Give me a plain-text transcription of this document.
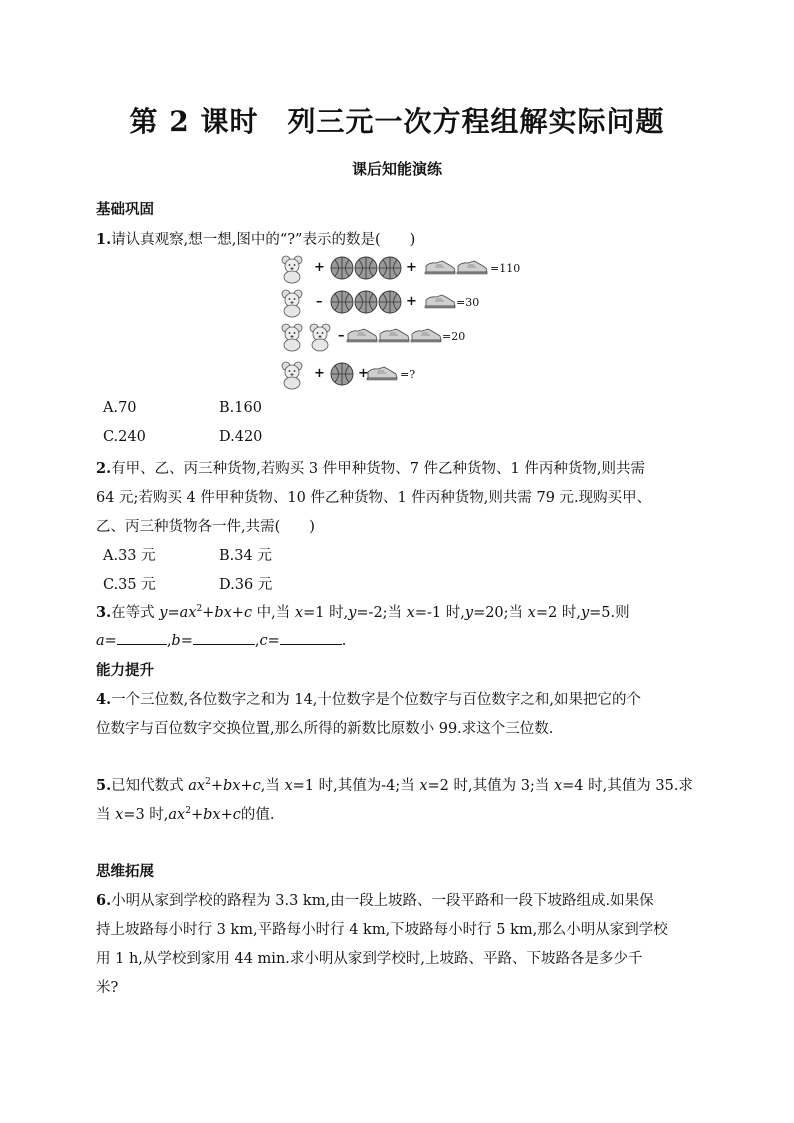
第 2 课时　列三元一次方程组解实际问题
课后知能演练
基础巩固
1.请认真观察,想一想,图中的“?”表示的数是(　　)
+	+	=110
–	+	=30
–	=20
+	+	=?
A.70	B.160
C.240	D.420
2.有甲、乙、丙三种货物,若购买 3 件甲种货物、7 件乙种货物、1 件丙种货物,则共需
64 元;若购买 4 件甲种货物、10 件乙种货物、1 件丙种货物,则共需 79 元.现购买甲、
乙、丙三种货物各一件,共需(　　)
A.33 元	B.34 元
C.35 元	D.36 元
3.在等式 $y=ax^2+bx+c$ 中,当 x=1 时,y=-2;当 x=-1 时,y=20;当 x=2 时,y=5.则
a=	,b=	,c=	.
能力提升
4.一个三位数,各位数字之和为 14,十位数字是个位数字与百位数字之和,如果把它的个
位数字与百位数字交换位置,那么所得的新数比原数小 99.求这个三位数.
5.已知代数式 $ax^2+bx+c$,当 x=1 时,其值为-4;当 x=2 时,其值为 3;当 x=4 时,其值为 35.求
当 x=3 时$,ax^2+bx+c$的值.
思维拓展
6.小明从家到学校的路程为 3.3 km,由一段上坡路、一段平路和一段下坡路组成.如果保
持上坡路每小时行 3 km,平路每小时行 4 km,下坡路每小时行 5 km,那么小明从家到学校
用 1 h,从学校到家用 44 min.求小明从家到学校时,上坡路、平路、下坡路各是多少千
米?
